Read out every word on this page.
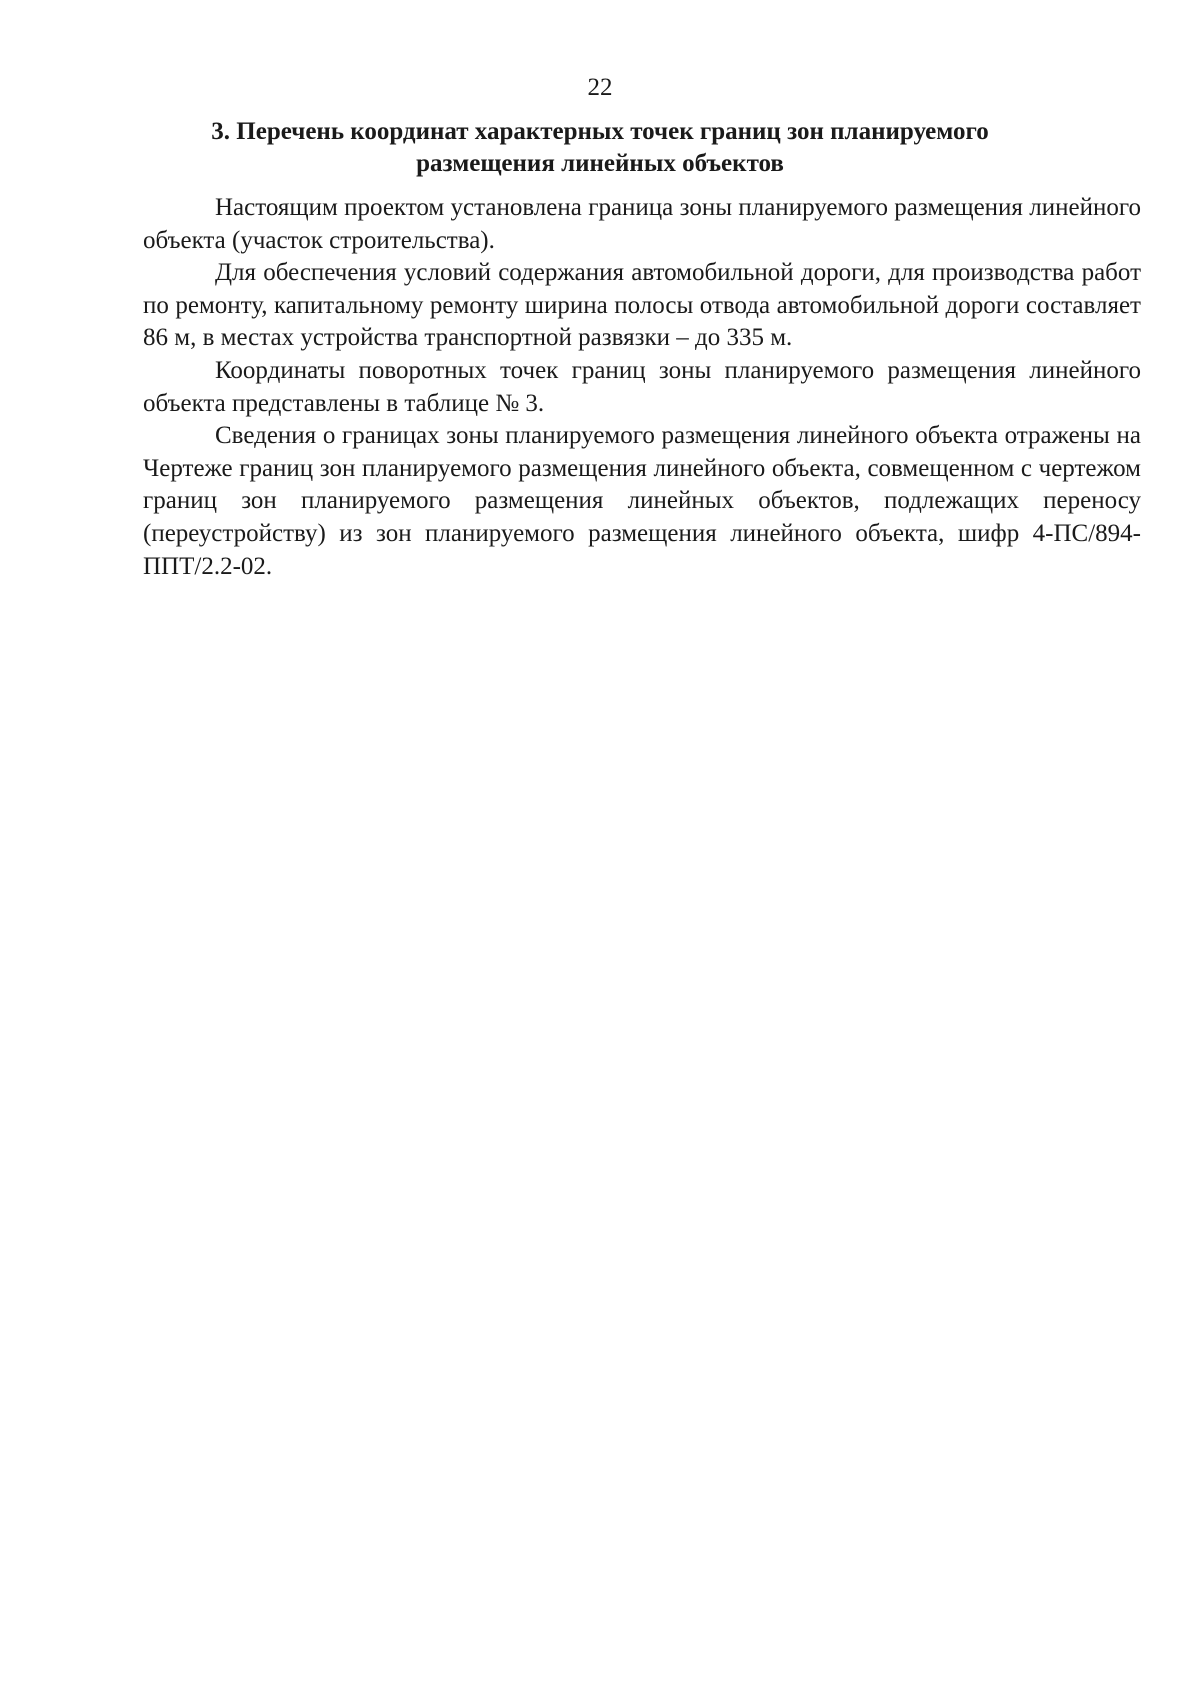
22
3. Перечень координат характерных точек границ зон планируемого размещения линейных объектов

Настоящим проектом установлена граница зоны планируемого размещения линейного объекта (участок строительства).

Для обеспечения условий содержания автомобильной дороги, для производства работ по ремонту, капитальному ремонту ширина полосы отвода автомобильной дороги составляет 86 м, в местах устройства транспортной развязки – до 335 м.

Координаты поворотных точек границ зоны планируемого размещения линейного объекта представлены в таблице № 3.

Сведения о границах зоны планируемого размещения линейного объекта отражены на Чертеже границ зон планируемого размещения линейного объекта, совмещенном с чертежом границ зон планируемого размещения линейных объектов, подлежащих переносу (переустройству) из зон планируемого размещения линейного объекта, шифр 4-ПС/894-ППТ/2.2-02.
